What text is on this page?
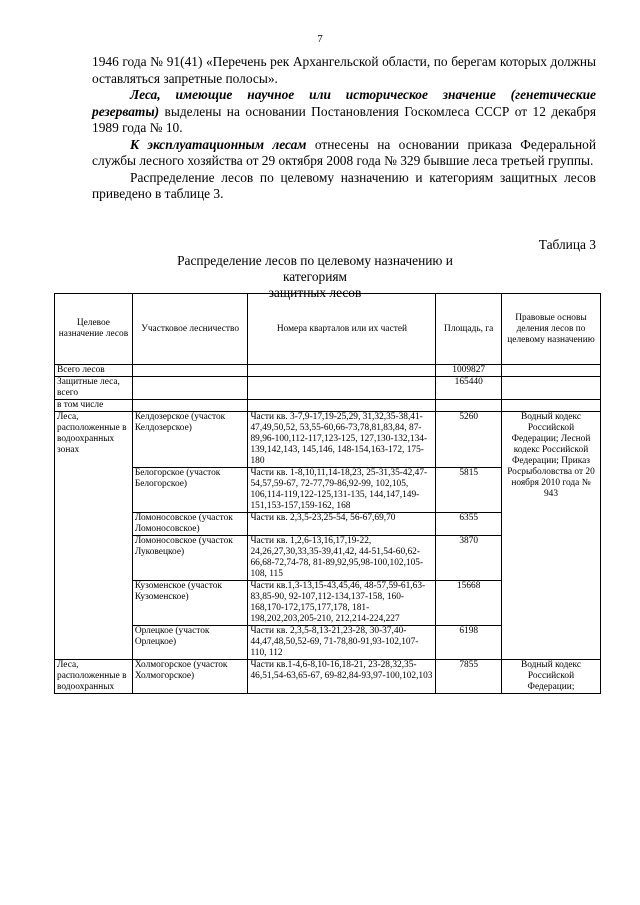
7

1946 года № 91(41) «Перечень рек Архангельской области, по берегам которых должны оставляться запретные полосы».

Леса, имеющие научное или историческое значение (генетические резерваты) выделены на основании Постановления Госкомлеса СССР от 12 декабря 1989 года № 10.

К эксплуатационным лесам отнесены на основании приказа Федеральной службы лесного хозяйства от 29 октября 2008 года № 329 бывшие леса третьей группы.

Распределение лесов по целевому назначению и категориям защитных лесов приведено в таблице 3.

Таблица 3
Распределение лесов по целевому назначению и категориям
защитных лесов
Целевое назначение лесов	Участковое лесничество	Номера кварталов или их частей	Площадь, га	Правовые основы деления лесов по целевому назначению
Всего лесов			1009827	
Защитные леса, всего			165440	
в том числе				
Леса, расположенные в водоохранных зонах	Келдозерское (участок Келдозерское)	Части кв. 3-7,9-17,19-25,29, 31,32,35-38,41-47,49,50,52, 53,55-60,66-73,78,81,83,84, 87-89,96-100,112-117,123-125, 127,130-132,134-139,142,143, 145,146, 148-154,163-172, 175-180	5260	Водный кодекс Российской Федерации; Лесной кодекс Российской Федерации; Приказ Росрыболовства от 20 ноября 2010 года № 943
	Белогорское (участок Белогорское)	Части кв. 1-8,10,11,14-18,23, 25-31,35-42,47-54,57,59-67, 72-77,79-86,92-99, 102,105, 106,114-119,122-125,131-135, 144,147,149-151,153-157,159-162, 168	5815	
	Ломоносовское (участок Ломоносовское)	Части кв. 2,3,5-23,25-54, 56-67,69,70	6355	
	Ломоносовское (участок Луковецкое)	Части кв. 1,2,6-13,16,17,19-22, 24,26,27,30,33,35-39,41,42, 44-51,54-60,62-66,68-72,74-78, 81-89,92,95,98-100,102,105-108, 115	3870	
	Кузоменское (участок Кузоменское)	Части кв.1,3-13,15-43,45,46, 48-57,59-61,63-83,85-90, 92-107,112-134,137-158, 160-168,170-172,175,177,178, 181-198,202,203,205-210, 212,214-224,227	15668	
	Орлецкое (участок Орлецкое)	Части кв. 2,3,5-8,13-21,23-28, 30-37,40-44,47,48,50,52-69, 71-78,80-91,93-102,107-110, 112	6198	
Леса, расположенные в водоохранных	Холмогорское (участок Холмогорское)	Части кв.1-4,6-8,10-16,18-21, 23-28,32,35-46,51,54-63,65-67, 69-82,84-93,97-100,102,103	7855	Водный кодекс Российской Федерации;
